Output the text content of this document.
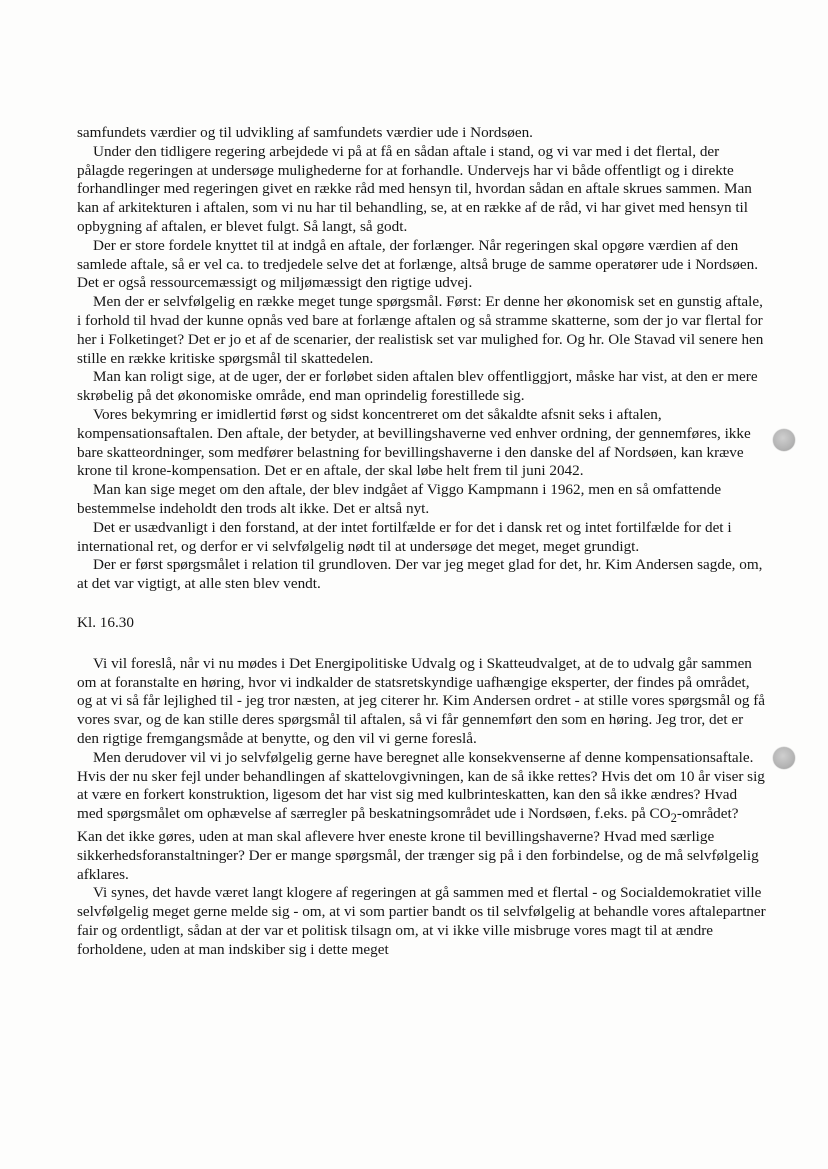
samfundets værdier og til udvikling af samfundets værdier ude i Nordsøen.

Under den tidligere regering arbejdede vi på at få en sådan aftale i stand, og vi var med i det flertal, der pålagde regeringen at undersøge mulighederne for at forhandle. Undervejs har vi både offentligt og i direkte forhandlinger med regeringen givet en række råd med hensyn til, hvordan sådan en aftale skrues sammen. Man kan af arkitekturen i aftalen, som vi nu har til behandling, se, at en række af de råd, vi har givet med hensyn til opbygning af aftalen, er blevet fulgt. Så langt, så godt.

Der er store fordele knyttet til at indgå en aftale, der forlænger. Når regeringen skal opgøre værdien af den samlede aftale, så er vel ca. to tredjedele selve det at forlænge, altså bruge de samme operatører ude i Nordsøen. Det er også ressourcemæssigt og miljømæssigt den rigtige udvej.

Men der er selvfølgelig en række meget tunge spørgsmål. Først: Er denne her økonomisk set en gunstig aftale, i forhold til hvad der kunne opnås ved bare at forlænge aftalen og så stramme skatterne, som der jo var flertal for her i Folketinget? Det er jo et af de scenarier, der realistisk set var mulighed for. Og hr. Ole Stavad vil senere hen stille en række kritiske spørgsmål til skattedelen.

Man kan roligt sige, at de uger, der er forløbet siden aftalen blev offentliggjort, måske har vist, at den er mere skrøbelig på det økonomiske område, end man oprindelig forestillede sig.

Vores bekymring er imidlertid først og sidst koncentreret om det såkaldte afsnit seks i aftalen, kompensationsaftalen. Den aftale, der betyder, at bevillingshaverne ved enhver ordning, der gennemføres, ikke bare skatteordninger, som medfører belastning for bevillingshaverne i den danske del af Nordsøen, kan kræve krone til krone-kompensation. Det er en aftale, der skal løbe helt frem til juni 2042.

Man kan sige meget om den aftale, der blev indgået af Viggo Kampmann i 1962, men en så omfattende bestemmelse indeholdt den trods alt ikke. Det er altså nyt.

Det er usædvanligt i den forstand, at der intet fortilfælde er for det i dansk ret og intet fortilfælde for det i international ret, og derfor er vi selvfølgelig nødt til at undersøge det meget, meget grundigt.

Der er først spørgsmålet i relation til grundloven. Der var jeg meget glad for det, hr. Kim Andersen sagde, om, at det var vigtigt, at alle sten blev vendt.

Kl. 16.30

Vi vil foreslå, når vi nu mødes i Det Energipolitiske Udvalg og i Skatteudvalget, at de to udvalg går sammen om at foranstalte en høring, hvor vi indkalder de statsretskyndige uafhængige eksperter, der findes på området, og at vi så får lejlighed til - jeg tror næsten, at jeg citerer hr. Kim Andersen ordret - at stille vores spørgsmål og få vores svar, og de kan stille deres spørgsmål til aftalen, så vi får gennemført den som en høring. Jeg tror, det er den rigtige fremgangsmåde at benytte, og den vil vi gerne foreslå.

Men derudover vil vi jo selvfølgelig gerne have beregnet alle konsekvenserne af denne kompensationsaftale. Hvis der nu sker fejl under behandlingen af skattelovgivningen, kan de så ikke rettes? Hvis det om 10 år viser sig at være en forkert konstruktion, ligesom det har vist sig med kulbrinteskatten, kan den så ikke ændres? Hvad med spørgsmålet om ophævelse af særregler på beskatningsområdet ude i Nordsøen, f.eks. på $CO_2$-området? Kan det ikke gøres, uden at man skal aflevere hver eneste krone til bevillingshaverne? Hvad med særlige sikkerhedsforanstaltninger? Der er mange spørgsmål, der trænger sig på i den forbindelse, og de må selvfølgelig afklares.

Vi synes, det havde været langt klogere af regeringen at gå sammen med et flertal - og Socialdemokratiet ville selvfølgelig meget gerne melde sig - om, at vi som partier bandt os til selvfølgelig at behandle vores aftalepartner fair og ordentligt, sådan at der var et politisk tilsagn om, at vi ikke ville misbruge vores magt til at ændre forholdene, uden at man indskiber sig i dette meget
